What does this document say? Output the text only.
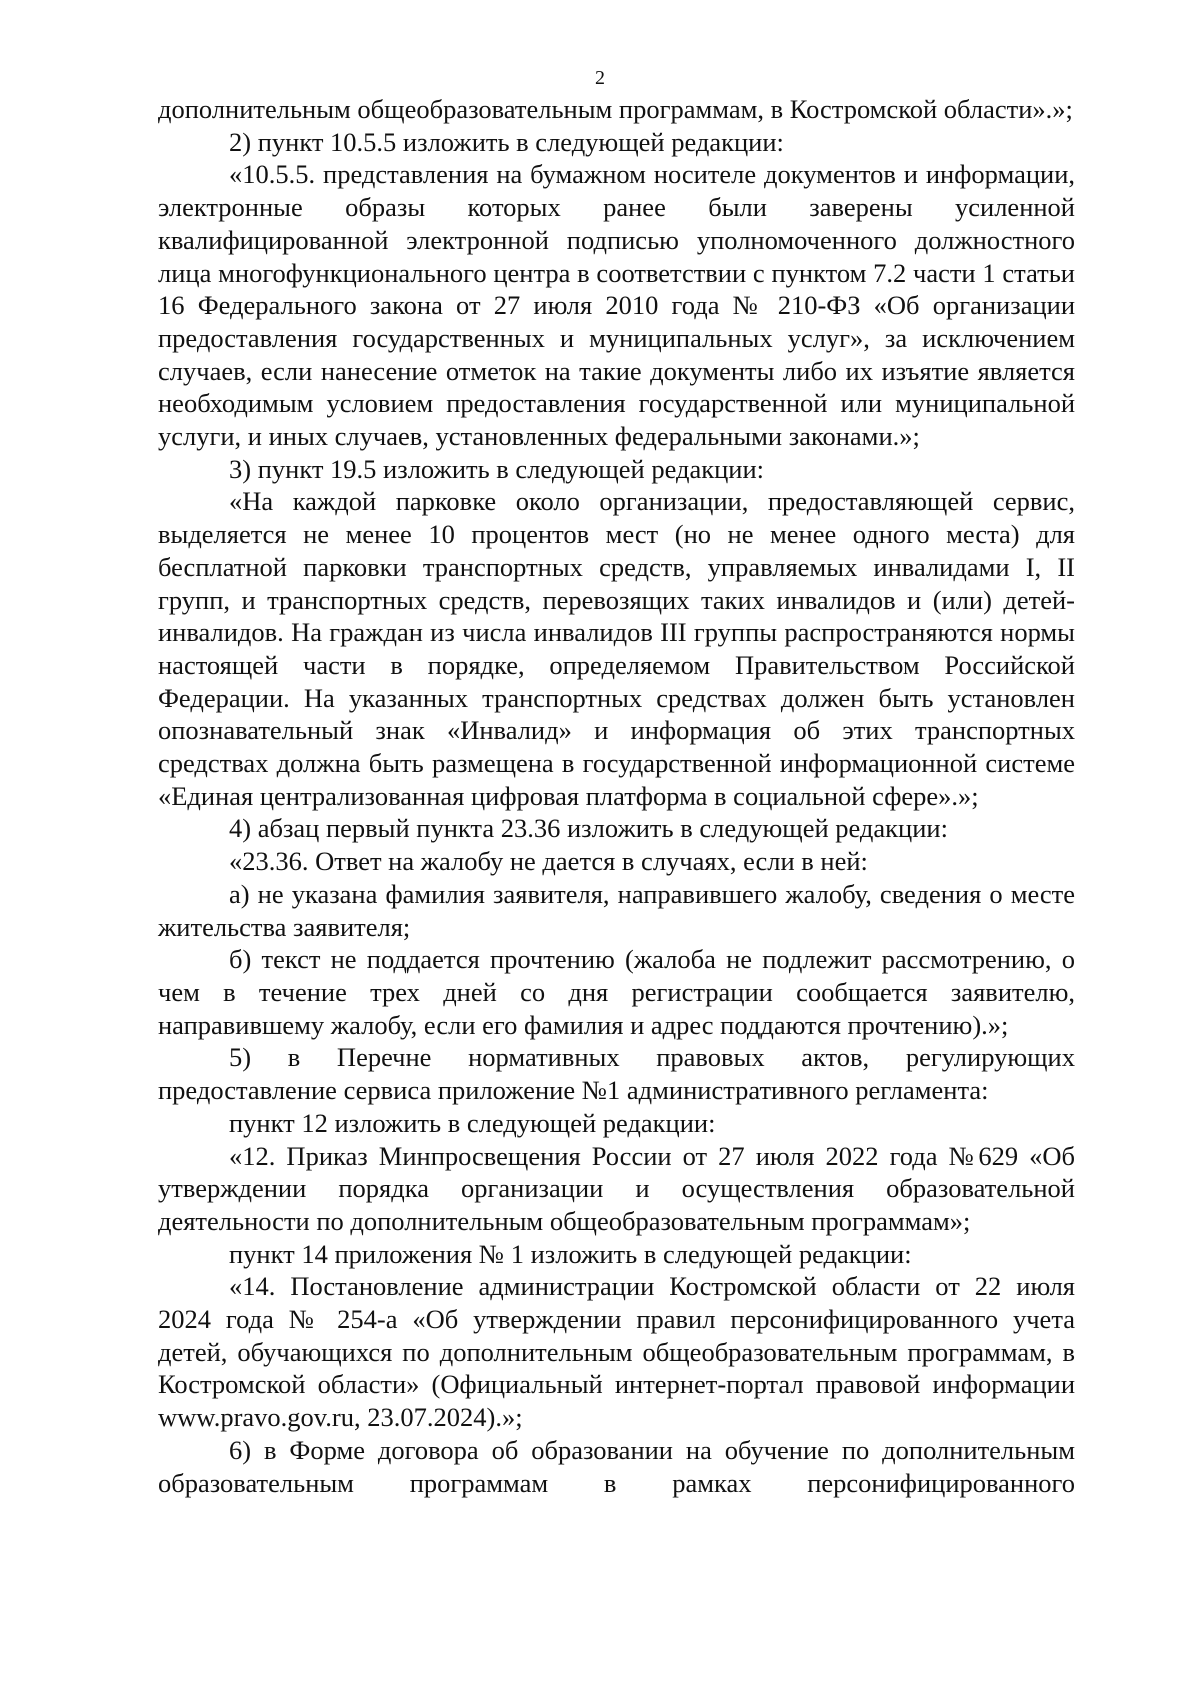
2

дополнительным общеобразовательным программам, в Костромской области».»;

2) пункт 10.5.5 изложить в следующей редакции:

«10.5.5. представления на бумажном носителе документов и информации, электронные образы которых ранее были заверены усиленной квалифицированной электронной подписью уполномоченного должностного лица многофункционального центра в соответствии с пунктом 7.2 части 1 статьи 16 Федерального закона от 27 июля 2010 года № 210-ФЗ «Об организации предоставления государственных и муниципальных услуг», за исключением случаев, если нанесение отметок на такие документы либо их изъятие является необходимым условием предоставления государственной или муниципальной услуги, и иных случаев, установленных федеральными законами.»;

3) пункт 19.5 изложить в следующей редакции:

«На каждой парковке около организации, предоставляющей сервис, выделяется не менее 10 процентов мест (но не менее одного места) для бесплатной парковки транспортных средств, управляемых инвалидами I, II групп, и транспортных средств, перевозящих таких инвалидов и (или) детей-инвалидов. На граждан из числа инвалидов III группы распространяются нормы настоящей части в порядке, определяемом Правительством Российской Федерации. На указанных транспортных средствах должен быть установлен опознавательный знак «Инвалид» и информация об этих транспортных средствах должна быть размещена в государственной информационной системе «Единая централизованная цифровая платформа в социальной сфере».»;

4) абзац первый пункта 23.36 изложить в следующей редакции:

«23.36. Ответ на жалобу не дается в случаях, если в ней:

а) не указана фамилия заявителя, направившего жалобу, сведения о месте жительства заявителя;

б) текст не поддается прочтению (жалоба не подлежит рассмотрению, о чем в течение трех дней со дня регистрации сообщается заявителю, направившему жалобу, если его фамилия и адрес поддаются прочтению).»;

5) в Перечне нормативных правовых актов, регулирующих предоставление сервиса приложение №1 административного регламента:

пункт 12 изложить в следующей редакции:

«12. Приказ Минпросвещения России от 27 июля 2022 года №629 «Об утверждении порядка организации и осуществления образовательной деятельности по дополнительным общеобразовательным программам»;

пункт 14 приложения № 1 изложить в следующей редакции:

«14. Постановление администрации Костромской области от 22 июля 2024 года № 254-а «Об утверждении правил персонифицированного учета детей, обучающихся по дополнительным общеобразовательным программам, в Костромской области» (Официальный интернет-портал правовой информации www.pravo.gov.ru, 23.07.2024).»;

6) в Форме договора об образовании на обучение по дополнительным образовательным программам в рамках персонифицированного
